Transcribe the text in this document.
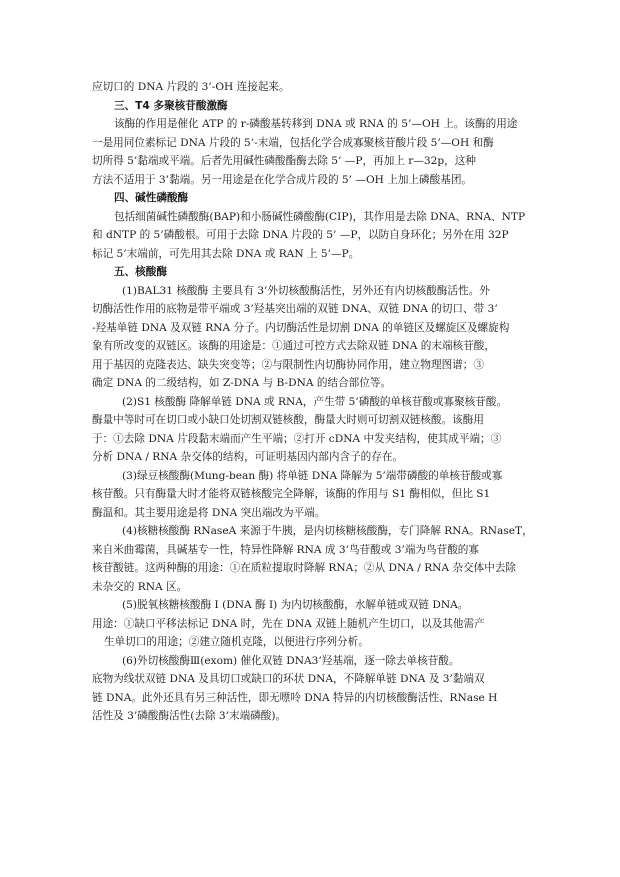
应切口的 DNA 片段的 3’-OH 连接起来。
三、T4 多聚核苷酸激酶
该酶的作用是催化 ATP 的 r-磷酸基转移到 DNA 或 RNA 的 5’—OH 上。该酶的用途
一是用同位素标记 DNA 片段的 5’-末端，包括化学合成寡聚核苷酸片段 5’—OH 和酶
切所得 5’黏端或平端。后者先用碱性磷酸酯酶去除 5’ —P，再加上 r—32p，这种
方法不适用于 3’黏端。另一用途是在化学合成片段的 5’ —OH 上加上磷酸基团。
四、碱性磷酸酶
包括细菌碱性磷酸酶(BAP)和小肠碱性磷酸酶(CIP)，其作用是去除 DNA、RNA、NTP
和 dNTP 的 5’磷酸根。可用于去除 DNA 片段的 5’ —P，以防自身环化；另外在用 32P
标记 5’末端前，可先用其去除 DNA 或 RAN 上 5’—P。
五、核酸酶
(1)BAL31 核酸酶 主要具有 3’外切核酸酶活性，另外还有内切核酸酶活性。外
切酶活性作用的底物是带平端或 3’羟基突出端的双链 DNA、双链 DNA 的切口、带 3’
-羟基单链 DNA 及双链 RNA 分子。内切酶活性是切割 DNA 的单链区及螺旋区及螺旋构
象有所改变的双链区。该酶的用途是：①通过可控方式去除双链 DNA 的末端核苷酸，
用于基因的克隆表达、缺失突变等；②与限制性内切酶协同作用，建立物理图谱；③
确定 DNA 的二级结构，如 Z-DNA 与 B-DNA 的结合部位等。
(2)S1 核酸酶 降解单链 DNA 或 RNA，产生带 5’磷酸的单核苷酸或寡聚核苷酸。
酶量中等时可在切口或小缺口处切割双链核酸，酶量大时则可切割双链核酸。该酶用
于：①去除 DNA 片段黏末端而产生平端；②打开 cDNA 中发夹结构，使其成平端；③
分析 DNA / RNA 杂交体的结构，可证明基因内部内含子的存在。
(3)绿豆核酸酶(Mung-bean 酶) 将单链 DNA 降解为 5’端带磷酸的单核苷酸或寡
核苷酸。只有酶量大时才能将双链核酸完全降解，该酶的作用与 S1 酶相似，但比 S1
酶温和。其主要用途是将 DNA 突出端改为平端。
(4)核糖核酸酶 RNaseA 来源于牛胰，是内切核糖核酸酶，专门降解 RNA。RNaseT，
来自米曲霉菌，具碱基专一性，特异性降解 RNA 成 3’鸟苷酸或 3’端为鸟苷酸的寡
核苷酸链。这两种酶的用途：①在质粒提取时降解 RNA；②从 DNA / RNA 杂交体中去除
未杂交的 RNA 区。
(5)脱氧核糖核酸酶 I (DNA 酶 I) 为内切核酸酶，水解单链或双链 DNA。
用途：①缺口平移法标记 DNA 时，先在 DNA 双链上随机产生切口，以及其他需产
生单切口的用途；②建立随机克隆，以便进行序列分析。
(6)外切核酸酶Ⅲ(exom) 催化双链 DNA3’羟基端，逐一除去单核苷酸。
底物为线状双链 DNA 及具切口或缺口的环状 DNA，不降解单链 DNA 及 3’黏端双
链 DNA。此外还具有另三种活性，即无嘌呤 DNA 特异的内切核酸酶活性、RNase H
活性及 3’磷酸酶活性(去除 3’末端磷酸)。
